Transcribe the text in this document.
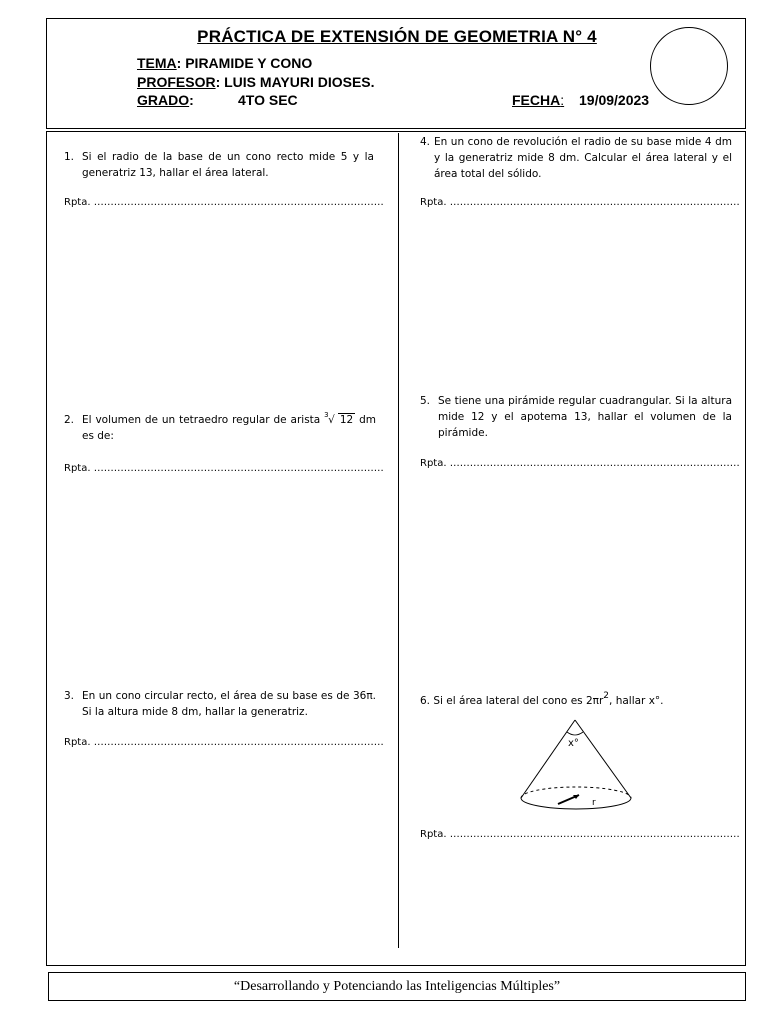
PRÁCTICA DE EXTENSIÓN DE GEOMETRIA N° 4
TEMA: PIRAMIDE Y CONO
PROFESOR: LUIS MAYURI DIOSES.
GRADO:	4TO SEC	FECHA: 19/09/2023
1. Si el radio de la base de un cono recto mide 5 y la generatriz 13, hallar el área lateral.
Rpta. ……………………………………………………………………………
2. El volumen de un tetraedro regular de arista 3 √ 12 dm es de:
Rpta. ……………………………………………………………………………
3. En un cono circular recto, el área de su base es de 36π. Si la altura mide 8 dm, hallar la generatriz.
Rpta. ……………………………………………………………………………
4. En un cono de revolución el radio de su base mide 4 dm y la generatriz mide 8 dm. Calcular el área lateral y el área total del sólido.
Rpta. ……………………………………………………………………………
5. Se tiene una pirámide regular cuadrangular. Si la altura mide 12 y el apotema 13, hallar el volumen de la pirámide.
Rpta. ……………………………………………………………………………
6. Si el área lateral del cono es $2\pi r^2$, hallar x°.
x°
r
Rpta. ……………………………………………………………………………
“Desarrollando y Potenciando las Inteligencias Múltiples”
